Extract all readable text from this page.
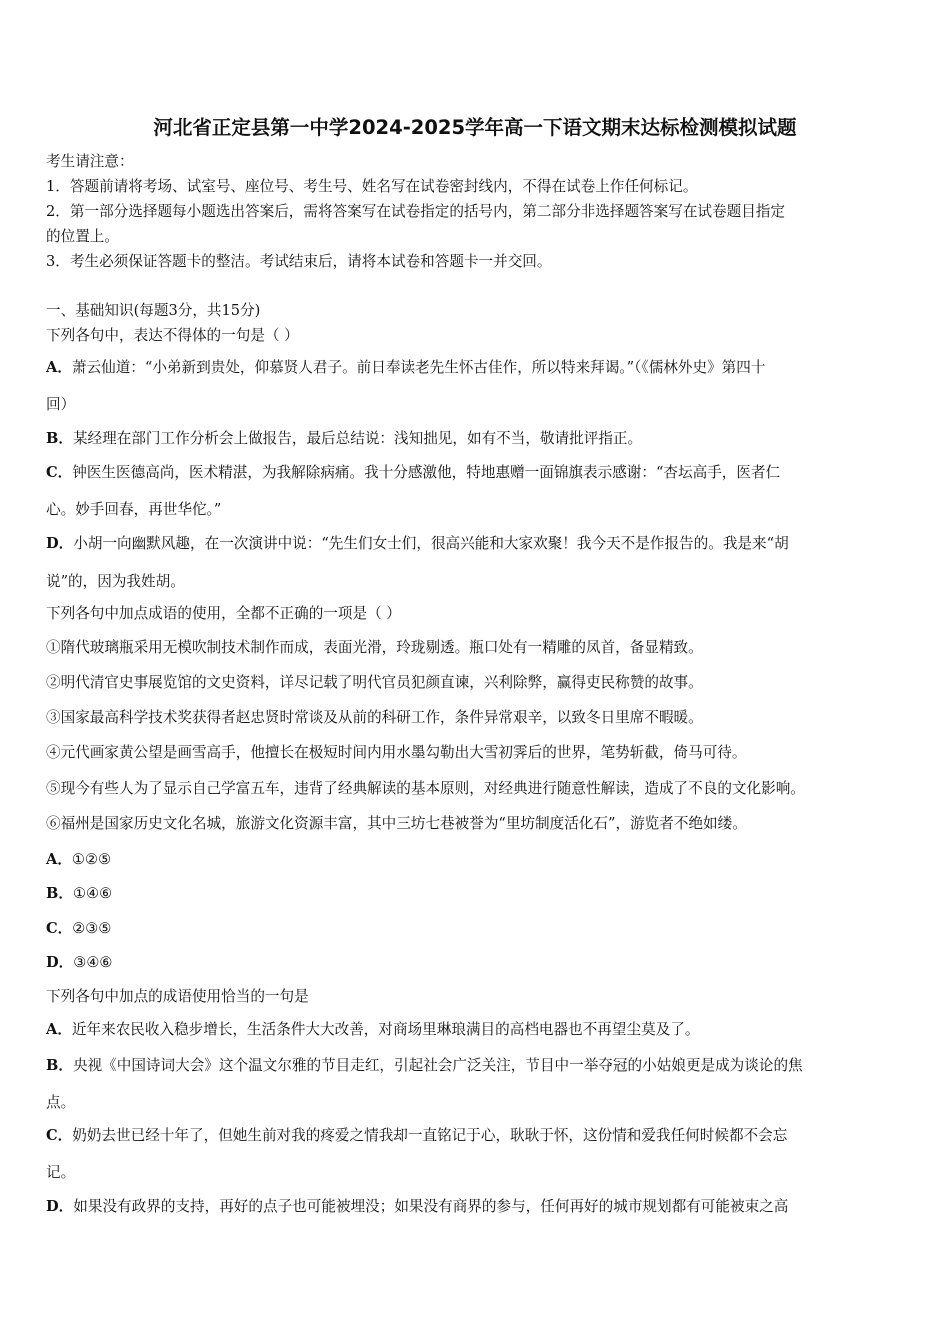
河北省正定县第一中学2024-2025学年高一下语文期末达标检测模拟试题
考生请注意：
1．答题前请将考场、试室号、座位号、考生号、姓名写在试卷密封线内，不得在试卷上作任何标记。
2．第一部分选择题每小题选出答案后，需将答案写在试卷指定的括号内，第二部分非选择题答案写在试卷题目指定
的位置上。
3．考生必须保证答题卡的整洁。考试结束后，请将本试卷和答题卡一并交回。
一、基础知识(每题3分，共15分)
下列各句中，表达不得体的一句是（ ）
A．萧云仙道：“小弟新到贵处，仰慕贤人君子。前日奉读老先生怀古佳作，所以特来拜谒。”（《儒林外史》第四十
回）
B．某经理在部门工作分析会上做报告，最后总结说：浅知拙见，如有不当，敬请批评指正。
C．钟医生医德高尚，医术精湛，为我解除病痛。我十分感激他，特地惠赠一面锦旗表示感谢：“杏坛高手，医者仁
心。妙手回春，再世华佗。”
D．小胡一向幽默风趣，在一次演讲中说：“先生们女士们，很高兴能和大家欢聚！我今天不是作报告的。我是来“胡
说”的，因为我姓胡。
下列各句中加点成语的使用，全都不正确的一项是（ ）
①隋代玻璃瓶采用无模吹制技术制作而成，表面光滑，玲珑剔透。瓶口处有一精雕的凤首，备显精致。
②明代清官史事展览馆的文史资料，详尽记载了明代官员犯颜直谏，兴利除弊，赢得吏民称赞的故事。
③国家最高科学技术奖获得者赵忠贤时常谈及从前的科研工作，条件异常艰辛，以致冬日里席不暇暖。
④元代画家黄公望是画雪高手，他擅长在极短时间内用水墨勾勒出大雪初霁后的世界，笔势斩截，倚马可待。
⑤现今有些人为了显示自己学富五车，违背了经典解读的基本原则，对经典进行随意性解读，造成了不良的文化影响。
⑥福州是国家历史文化名城，旅游文化资源丰富，其中三坊七巷被誉为“里坊制度活化石”，游览者不绝如缕。
A．①②⑤
B．①④⑥
C．②③⑤
D．③④⑥
下列各句中加点的成语使用恰当的一句是
A．近年来农民收入稳步增长，生活条件大大改善，对商场里琳琅满目的高档电器也不再望尘莫及了。
B．央视《中国诗词大会》这个温文尔雅的节目走红，引起社会广泛关注，节目中一举夺冠的小姑娘更是成为谈论的焦
点。
C．奶奶去世已经十年了，但她生前对我的疼爱之情我却一直铭记于心，耿耿于怀，这份情和爱我任何时候都不会忘
记。
D．如果没有政界的支持，再好的点子也可能被埋没；如果没有商界的参与，任何再好的城市规划都有可能被束之高
